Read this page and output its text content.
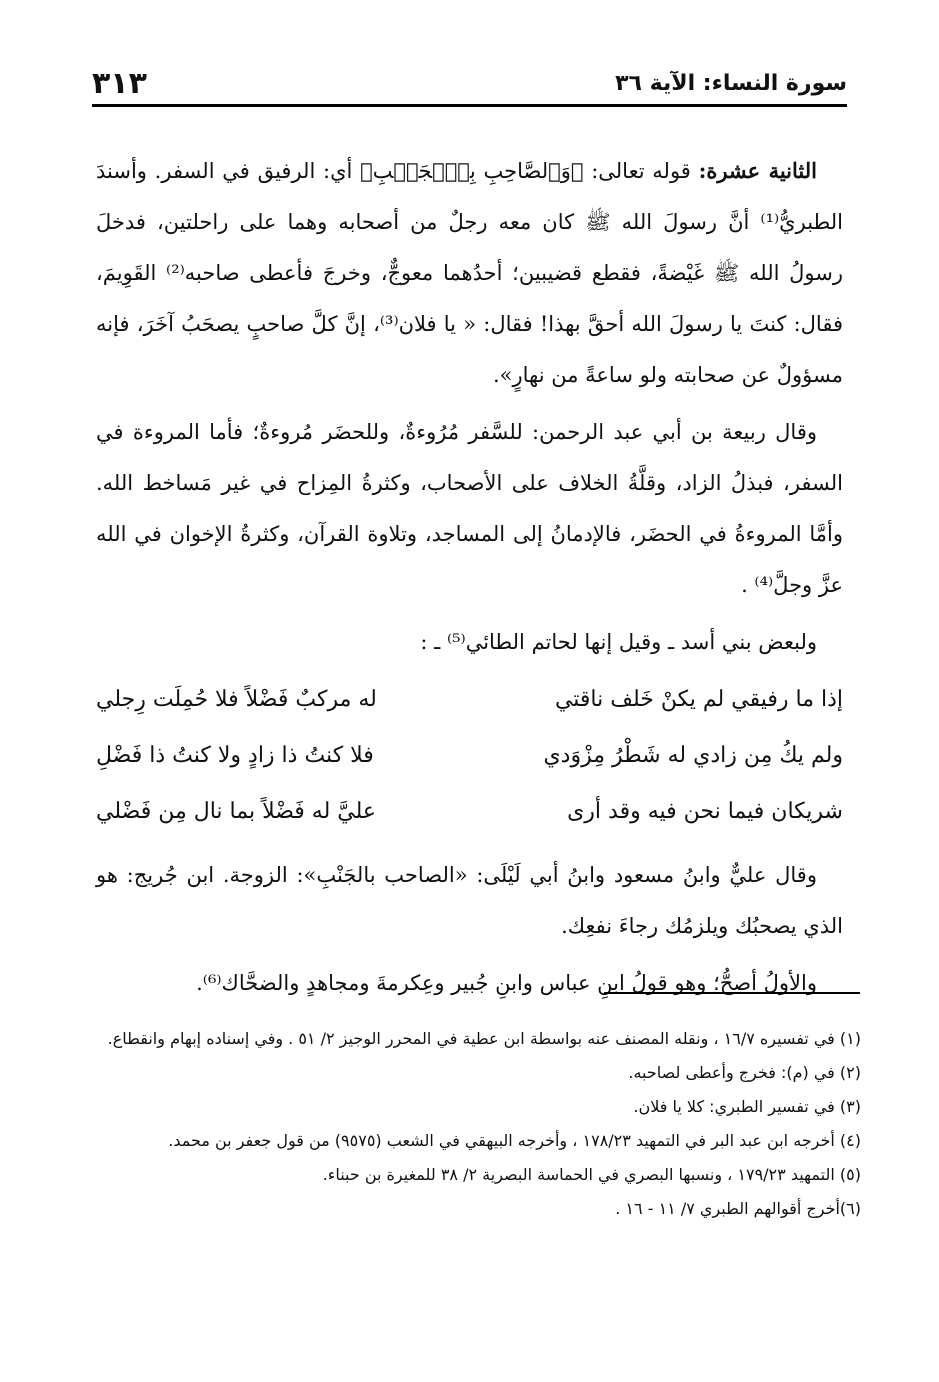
سورة النساء: الآية ٣٦
٣١٣

الثانية عشرة: قوله تعالى: ﴿وَٱلصَّاحِبِ بِٱلۡجَنۢبِ﴾ أي: الرفيق في السفر. وأسندَ الطبريُّ⁽¹⁾ أنَّ رسولَ الله ﷺ كان معه رجلٌ من أصحابه وهما على راحلتين، فدخلَ رسولُ الله ﷺ غَيْضةً، فقطع قضيبين؛ أحدُهما معوجٌّ، وخرجَ فأعطى صاحبه⁽²⁾ القَوِيمَ، فقال: كنتَ يا رسولَ الله أحقَّ بهذا! فقال: « يا فلان⁽³⁾، إنَّ كلَّ صاحبٍ يصحَبُ آخَرَ، فإنه مسؤولٌ عن صحابته ولو ساعةً من نهارٍ».

وقال ربيعة بن أبي عبد الرحمن: للسَّفر مُرُوءةٌ، وللحضَر مُروءةٌ؛ فأما المروءة في السفر، فبذلُ الزاد، وقلَّةُ الخلاف على الأصحاب، وكثرةُ المِزاح في غير مَساخط الله. وأمَّا المروءةُ في الحضَر، فالإدمانُ إلى المساجد، وتلاوة القرآن، وكثرةُ الإخوان في الله عزَّ وجلَّ⁽⁴⁾ .

ولبعض بني أسد ـ وقيل إنها لحاتم الطائي⁽⁵⁾ ـ :

إذا ما رفيقي لم يكنْ خَلف ناقتي
له مركبٌ فَضْلاً فلا حُمِلَت رِجلي
ولم يكُ مِن زادي له شَطْرُ مِزْوَدي
فلا كنتُ ذا زادٍ ولا كنتُ ذا فَضْلِ
شريكان فيما نحن فيه وقد أرى
عليَّ له فَضْلاً بما نال مِن فَضْلي

وقال عليٌّ وابنُ مسعود وابنُ أبي لَيْلَى: «الصاحب بالجَنْبِ»: الزوجة. ابن جُريج: هو الذي يصحبُك ويلزمُك رجاءَ نفعِك.

والأولُ أصحُّ؛ وهو قولُ ابنِ عباس وابنِ جُبير وعِكرمةَ ومجاهدٍ والضحَّاك⁽⁶⁾.

(١) في تفسيره ١٦/٧ ، ونقله المصنف عنه بواسطة ابن عطية في المحرر الوجيز ٢/ ٥١ . وفي إسناده إبهام وانقطاع.

(٢) في (م): فخرج وأعطى لصاحبه.

(٣) في تفسير الطبري: كلا يا فلان.

(٤) أخرجه ابن عبد البر في التمهيد ١٧٨/٢٣ ، وأخرجه البيهقي في الشعب (٩٥٧٥) من قول جعفر بن محمد.

(٥) التمهيد ١٧٩/٢٣ ، ونسبها البصري في الحماسة البصرية ٢/ ٣٨ للمغيرة بن حبناء.

(٦)أخرج أقوالهم الطبري ٧/ ١١ - ١٦ .
